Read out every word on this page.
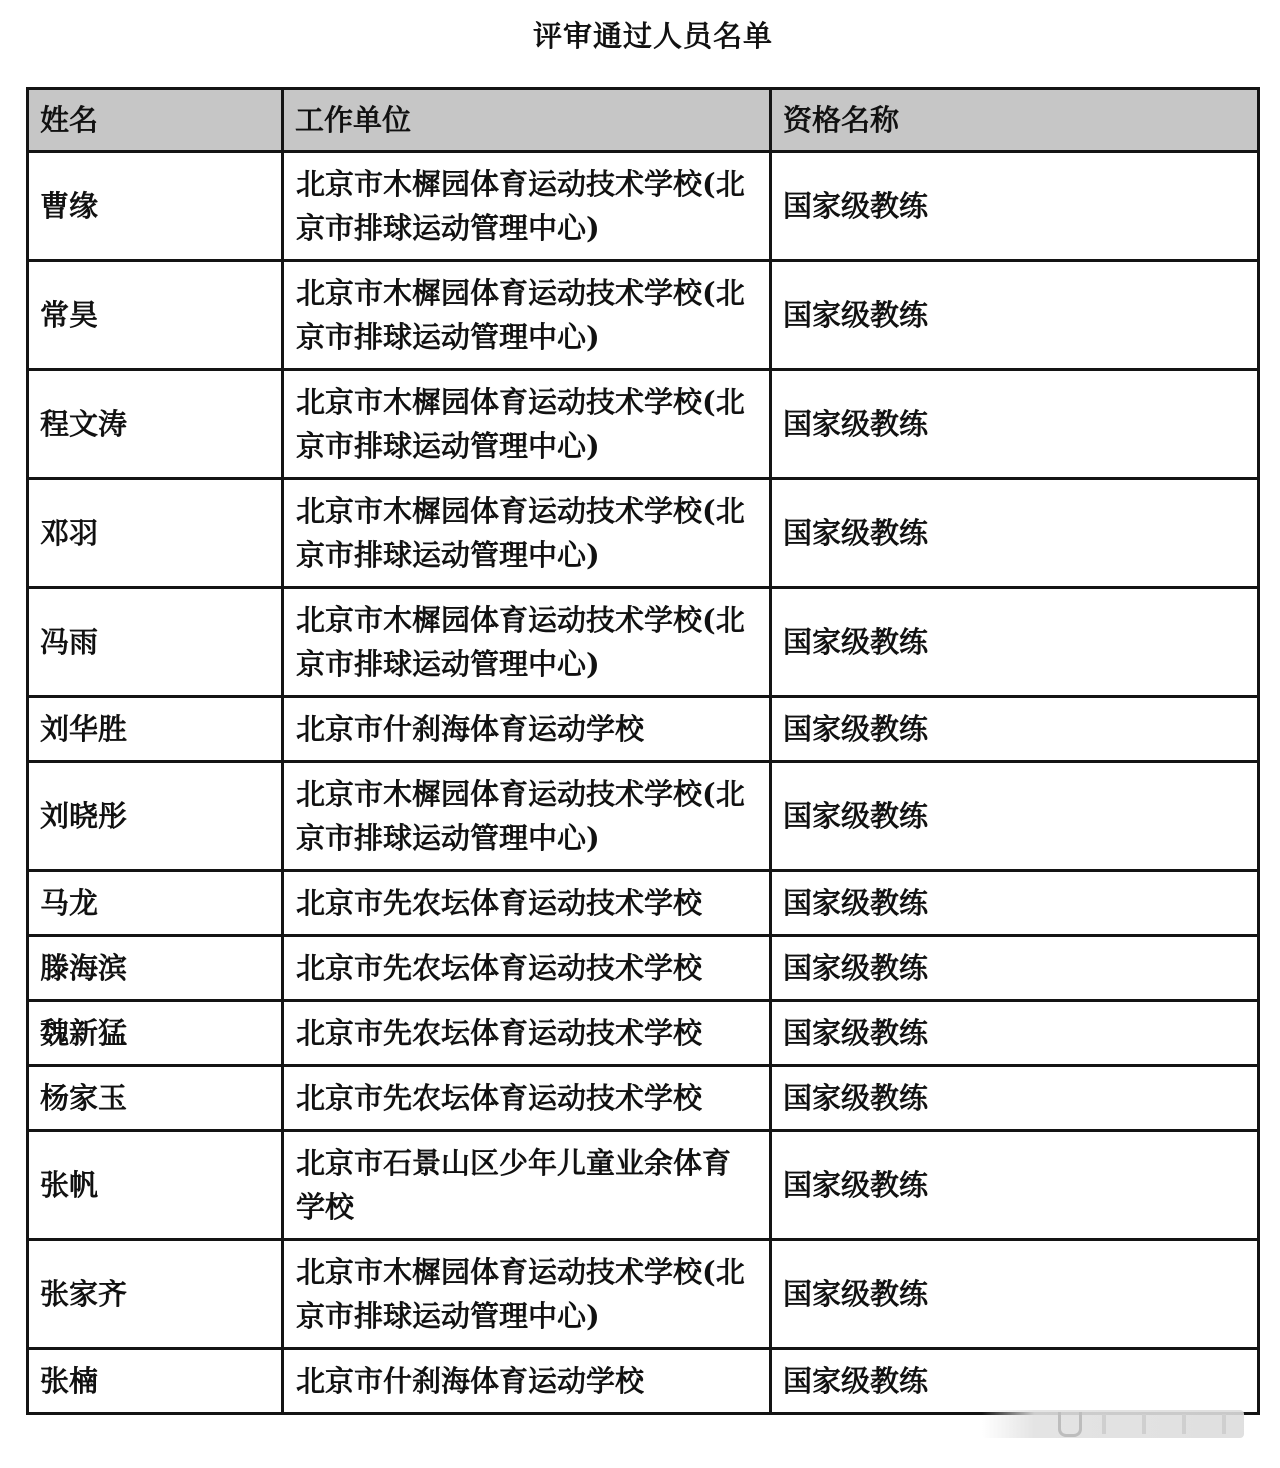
评审通过人员名单
姓名	工作单位	资格名称
曹缘	北京市木樨园体育运动技术学校(北京市排球运动管理中心)	国家级教练
常昊	北京市木樨园体育运动技术学校(北京市排球运动管理中心)	国家级教练
程文涛	北京市木樨园体育运动技术学校(北京市排球运动管理中心)	国家级教练
邓羽	北京市木樨园体育运动技术学校(北京市排球运动管理中心)	国家级教练
冯雨	北京市木樨园体育运动技术学校(北京市排球运动管理中心)	国家级教练
刘华胜	北京市什刹海体育运动学校	国家级教练
刘晓彤	北京市木樨园体育运动技术学校(北京市排球运动管理中心)	国家级教练
马龙	北京市先农坛体育运动技术学校	国家级教练
滕海滨	北京市先农坛体育运动技术学校	国家级教练
魏新猛	北京市先农坛体育运动技术学校	国家级教练
杨家玉	北京市先农坛体育运动技术学校	国家级教练
张帆	北京市石景山区少年儿童业余体育学校	国家级教练
张家齐	北京市木樨园体育运动技术学校(北京市排球运动管理中心)	国家级教练
张楠	北京市什刹海体育运动学校	国家级教练
